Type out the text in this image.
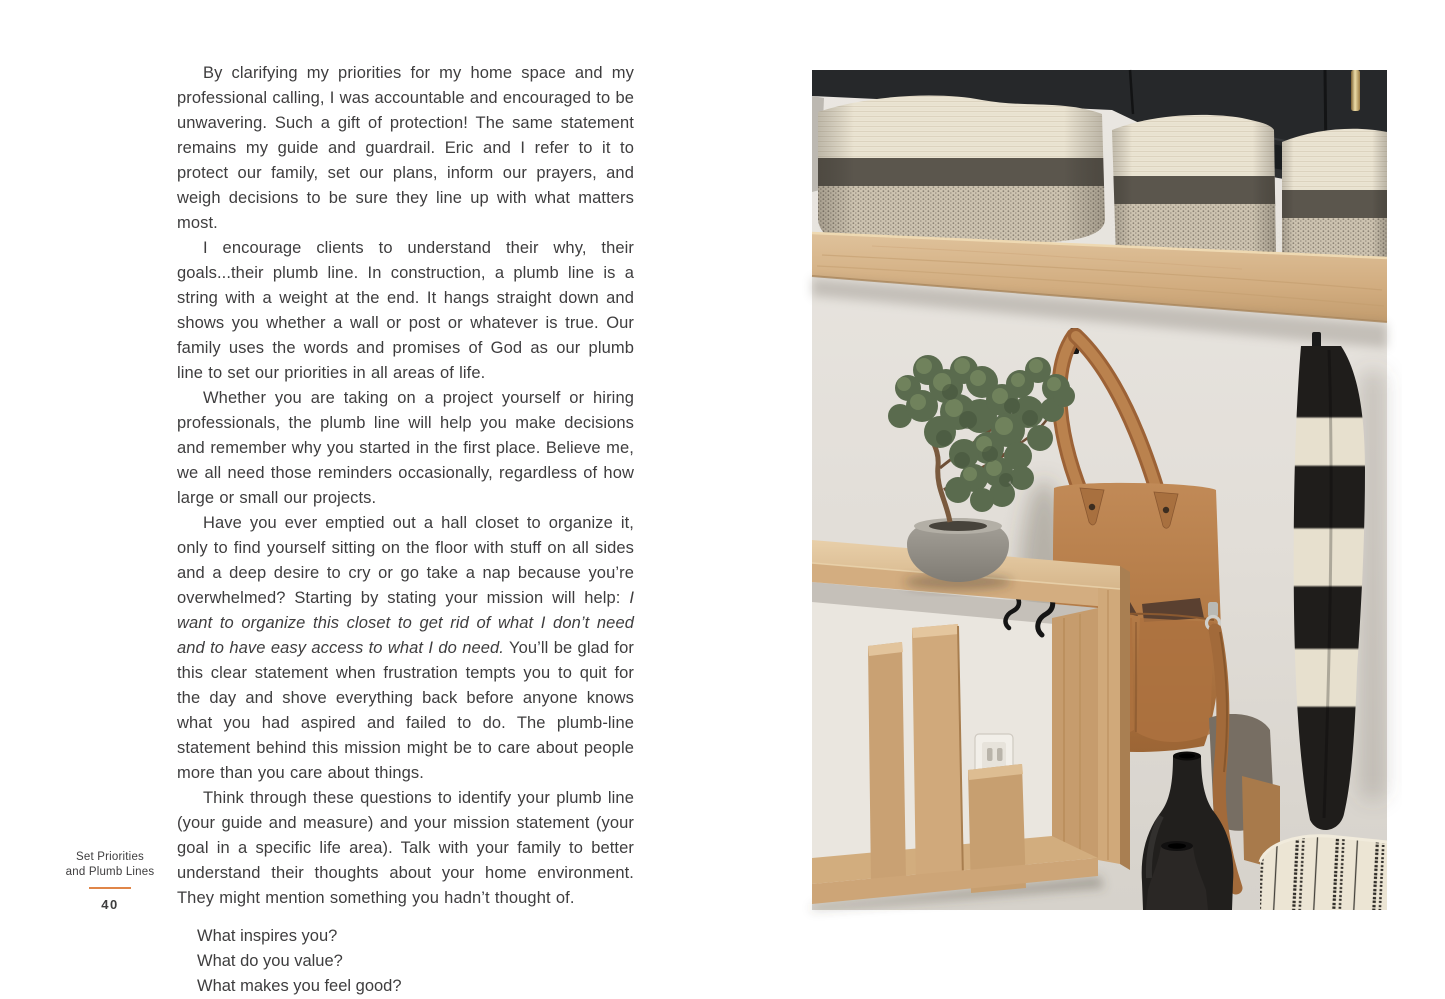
By clarifying my priorities for my home space and my professional calling, I was accountable and encouraged to be unwavering. Such a gift of protection! The same statement remains my guide and guardrail. Eric and I refer to it to protect our family, set our plans, inform our prayers, and weigh decisions to be sure they line up with what matters most.

I encourage clients to understand their why, their goals...their plumb line. In construction, a plumb line is a string with a weight at the end. It hangs straight down and shows you whether a wall or post or whatever is true. Our family uses the words and promises of God as our plumb line to set our priorities in all areas of life.

Whether you are taking on a project yourself or hiring professionals, the plumb line will help you make decisions and remember why you started in the first place. Believe me, we all need those reminders occasionally, regardless of how large or small our projects.

Have you ever emptied out a hall closet to organize it, only to find yourself sitting on the floor with stuff on all sides and a deep desire to cry or go take a nap because you’re overwhelmed? Starting by stating your mission will help: I want to organize this closet to get rid of what I don’t need and to have easy access to what I do need. You’ll be glad for this clear statement when frustration tempts you to quit for the day and shove everything back before anyone knows what you had aspired and failed to do. The plumb-line statement behind this mission might be to care about people more than you care about things.

Think through these questions to identify your plumb line (your guide and measure) and your mission statement (your goal in a specific life area). Talk with your family to better understand their thoughts about your home environment. They might mention something you hadn’t thought of.

What inspires you?
What do you value?
What makes you feel good?
Set Priorities
and Plumb Lines
40
